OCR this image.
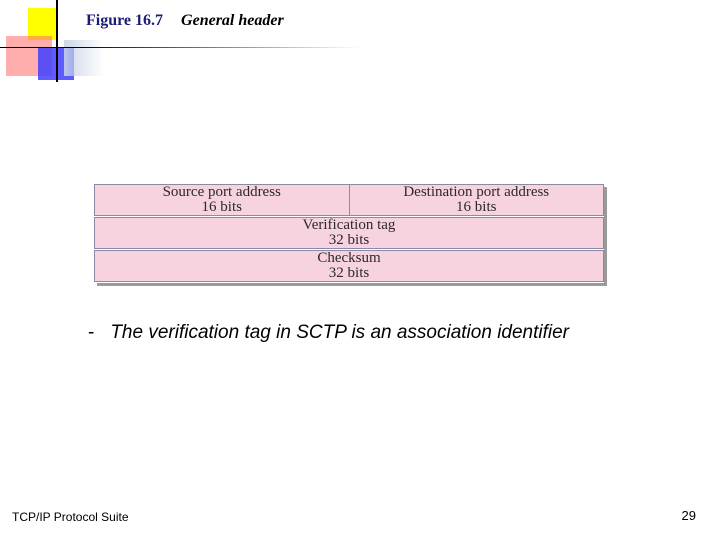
Figure 16.7 General header
Source port address
16 bits
Destination port address
16 bits
Verification tag
32 bits
Checksum
32 bits
- The verification tag in SCTP is an association identifier
TCP/IP Protocol Suite	29
